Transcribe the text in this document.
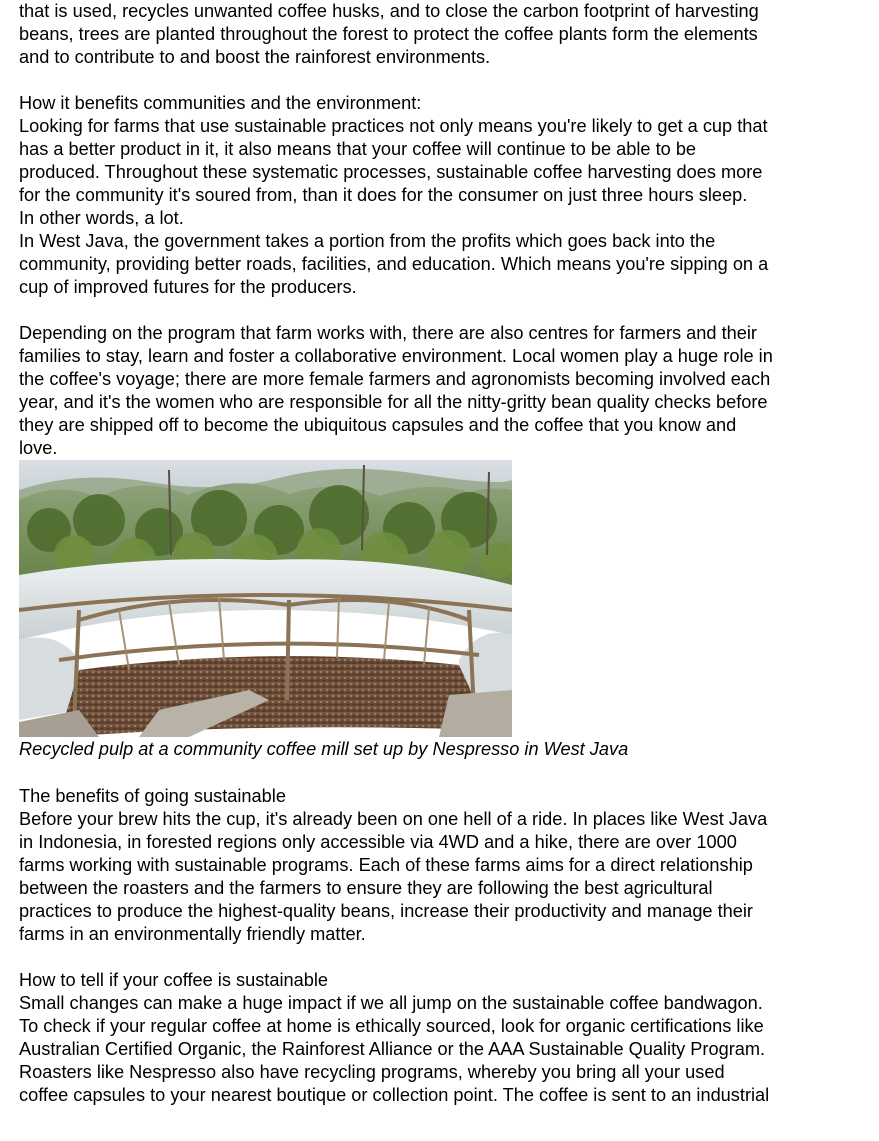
that is used, recycles unwanted coffee husks, and to close the carbon footprint of harvesting
beans, trees are planted throughout the forest to protect the coffee plants form the elements
and to contribute to and boost the rainforest environments.
How it benefits communities and the environment:
Looking for farms that use sustainable practices not only means you're likely to get a cup that
has a better product in it, it also means that your coffee will continue to be able to be
produced. Throughout these systematic processes, sustainable coffee harvesting does more
for the community it's soured from, than it does for the consumer on just three hours sleep.
In other words, a lot.
In West Java, the government takes a portion from the profits which goes back into the
community, providing better roads, facilities, and education. Which means you're sipping on a
cup of improved futures for the producers.
Depending on the program that farm works with, there are also centres for farmers and their
families to stay, learn and foster a collaborative environment. Local women play a huge role in
the coffee's voyage; there are more female farmers and agronomists becoming involved each
year, and it's the women who are responsible for all the nitty-gritty bean quality checks before
they are shipped off to become the ubiquitous capsules and the coffee that you know and
love.
Recycled pulp at a community coffee mill set up by Nespresso in West Java
The benefits of going sustainable
Before your brew hits the cup, it's already been on one hell of a ride. In places like West Java
in Indonesia, in forested regions only accessible via 4WD and a hike, there are over 1000
farms working with sustainable programs. Each of these farms aims for a direct relationship
between the roasters and the farmers to ensure they are following the best agricultural
practices to produce the highest-quality beans, increase their productivity and manage their
farms in an environmentally friendly matter.
How to tell if your coffee is sustainable
Small changes can make a huge impact if we all jump on the sustainable coffee bandwagon.
To check if your regular coffee at home is ethically sourced, look for organic certifications like
Australian Certified Organic, the Rainforest Alliance or the AAA Sustainable Quality Program.
Roasters like Nespresso also have recycling programs, whereby you bring all your used
coffee capsules to your nearest boutique or collection point. The coffee is sent to an industrial
